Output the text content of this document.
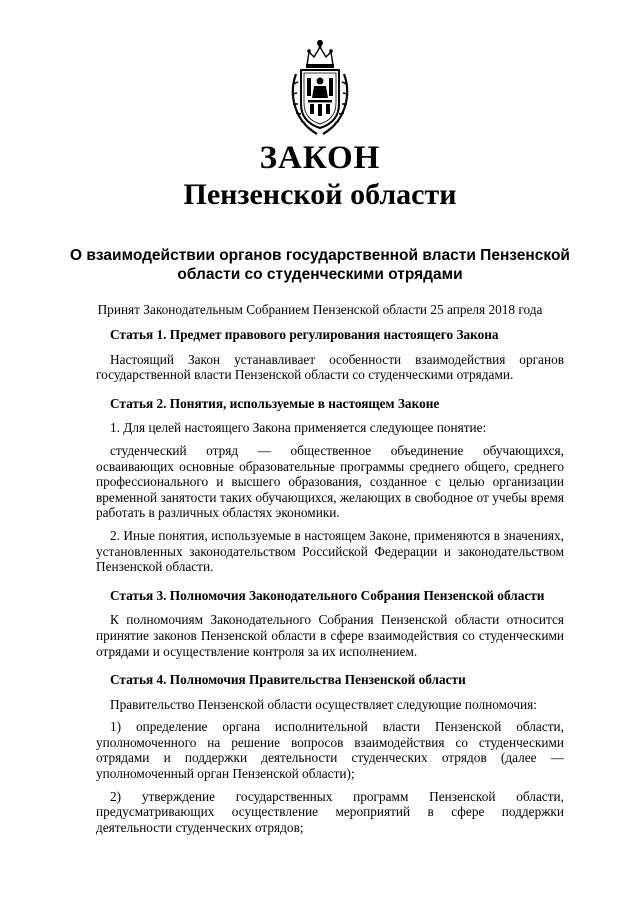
ЗАКОН
Пензенской области

О взаимодействии органов государственной власти Пензенской области со студенческими отрядами

Принят Законодательным Собранием Пензенской области 25 апреля 2018 года

Статья 1. Предмет правового регулирования настоящего Закона

Настоящий Закон устанавливает особенности взаимодействия органов государственной власти Пензенской области со студенческими отрядами.

Статья 2. Понятия, используемые в настоящем Законе

1. Для целей настоящего Закона применяется следующее понятие:

студенческий отряд — общественное объединение обучающихся, осваивающих основные образовательные программы среднего общего, среднего профессионального и высшего образования, созданное с целью организации временной занятости таких обучающихся, желающих в свободное от учебы время работать в различных областях экономики.

2. Иные понятия, используемые в настоящем Законе, применяются в значениях, установленных законодательством Российской Федерации и законодательством Пензенской области.

Статья 3. Полномочия Законодательного Собрания Пензенской области

К полномочиям Законодательного Собрания Пензенской области относится принятие законов Пензенской области в сфере взаимодействия со студенческими отрядами и осуществление контроля за их исполнением.

Статья 4. Полномочия Правительства Пензенской области

Правительство Пензенской области осуществляет следующие полномочия:

1) определение органа исполнительной власти Пензенской области, уполномоченного на решение вопросов взаимодействия со студенческими отрядами и поддержки деятельности студенческих отрядов (далее — уполномоченный орган Пензенской области);

2) утверждение государственных программ Пензенской области, предусматривающих осуществление мероприятий в сфере поддержки деятельности студенческих отрядов;
